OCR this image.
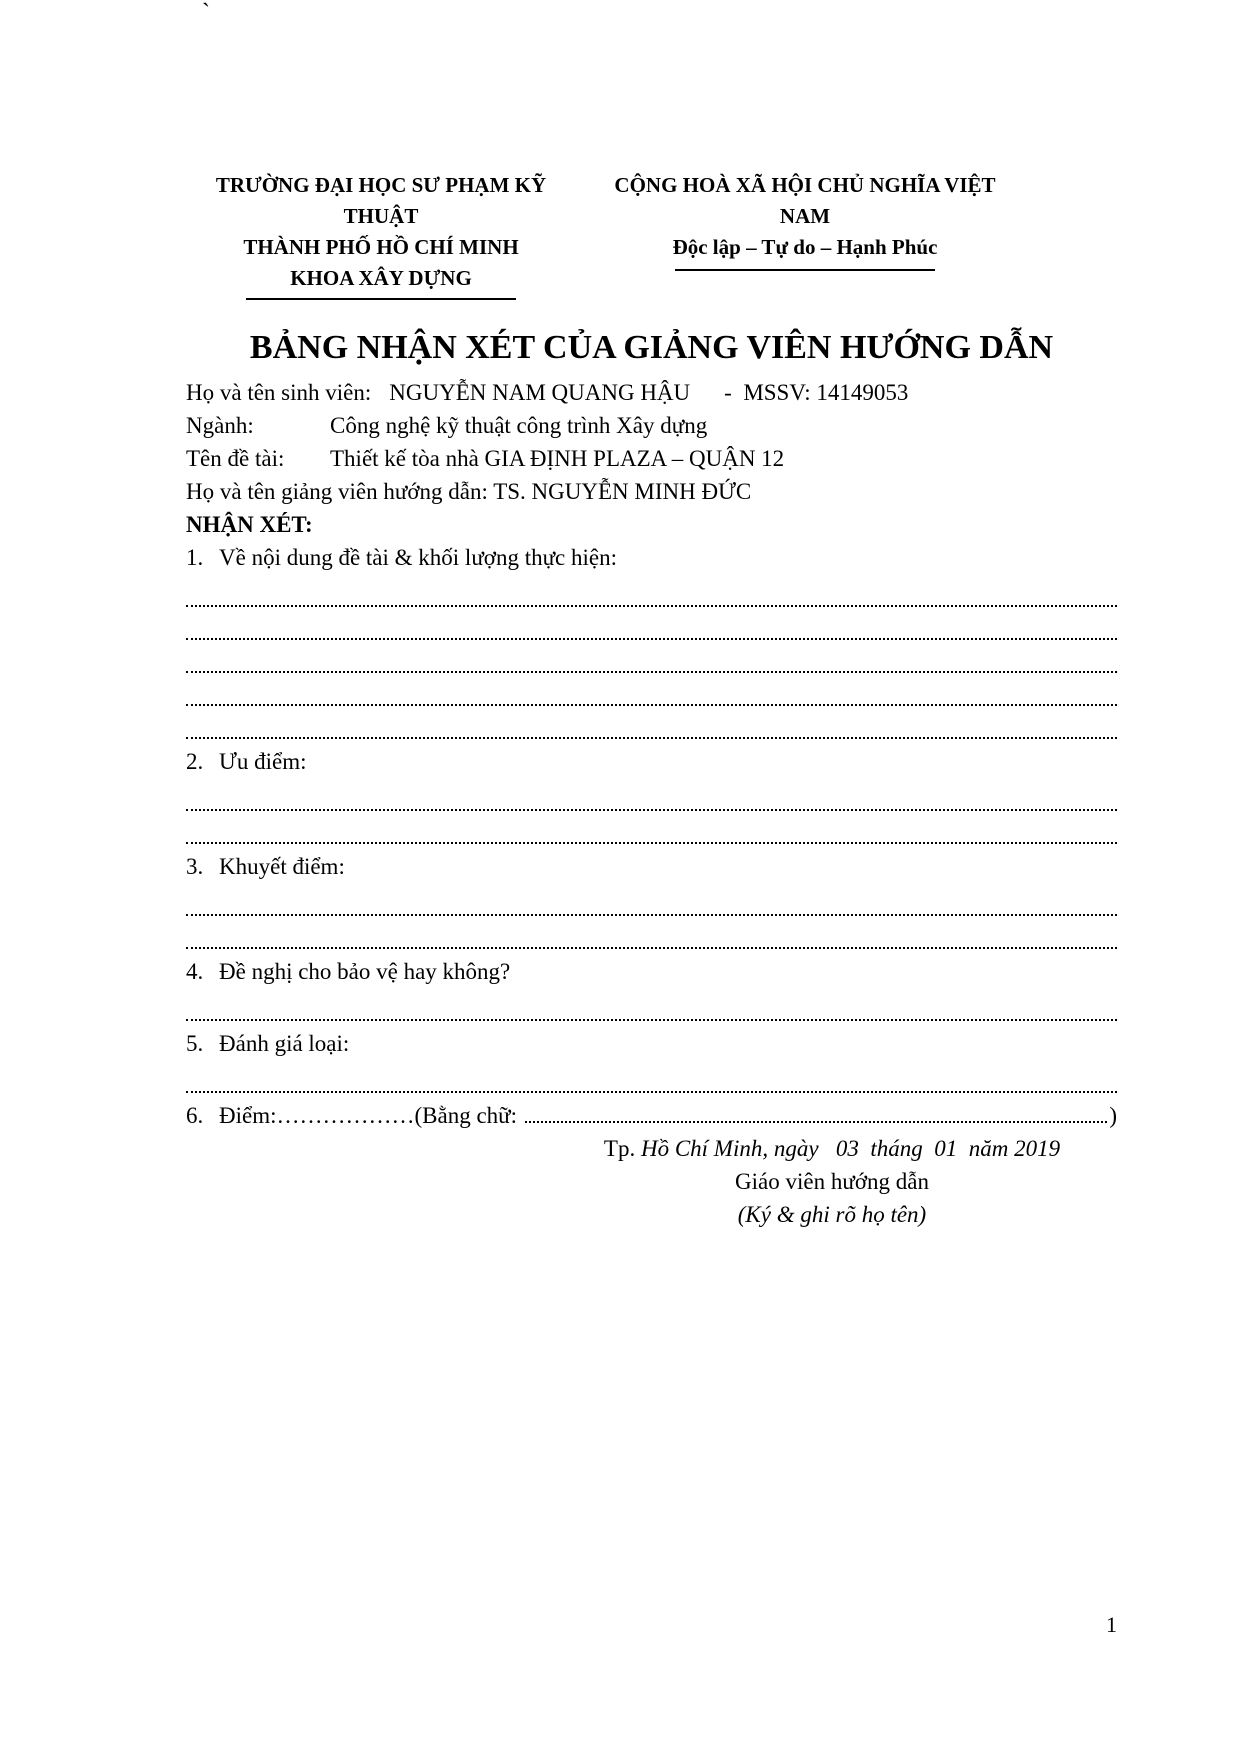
`
TRƯỜNG ĐẠI HỌC SƯ PHẠM KỸ THUẬT
THÀNH PHỐ HỒ CHÍ MINH
KHOA XÂY DỰNG
CỘNG HOÀ XÃ HỘI CHỦ NGHĨA VIỆT NAM
Độc lập – Tự do – Hạnh Phúc
BẢNG NHẬN XÉT CỦA GIẢNG VIÊN HƯỚNG DẪN
Họ và tên sinh viên: NGUYỄN NAM QUANG HẬU -  MSSV: 14149053
Ngành:	Công nghệ kỹ thuật công trình Xây dựng
Tên đề tài: Thiết kế tòa nhà GIA ĐỊNH PLAZA – QUẬN 12
Họ và tên giảng viên hướng dẫn: TS. NGUYỄN MINH ĐỨC
NHẬN XÉT:
1. Về nội dung đề tài & khối lượng thực hiện:
2. Ưu điểm:
3. Khuyết điểm:
4. Đề nghị cho bảo vệ hay không?
5. Đánh giá loại:
6. Điểm:………………(Bằng chữ:	)
Tp. Hồ Chí Minh, ngày   03  tháng  01  năm 2019
Giáo viên hướng dẫn
(Ký & ghi rõ họ tên)
1
